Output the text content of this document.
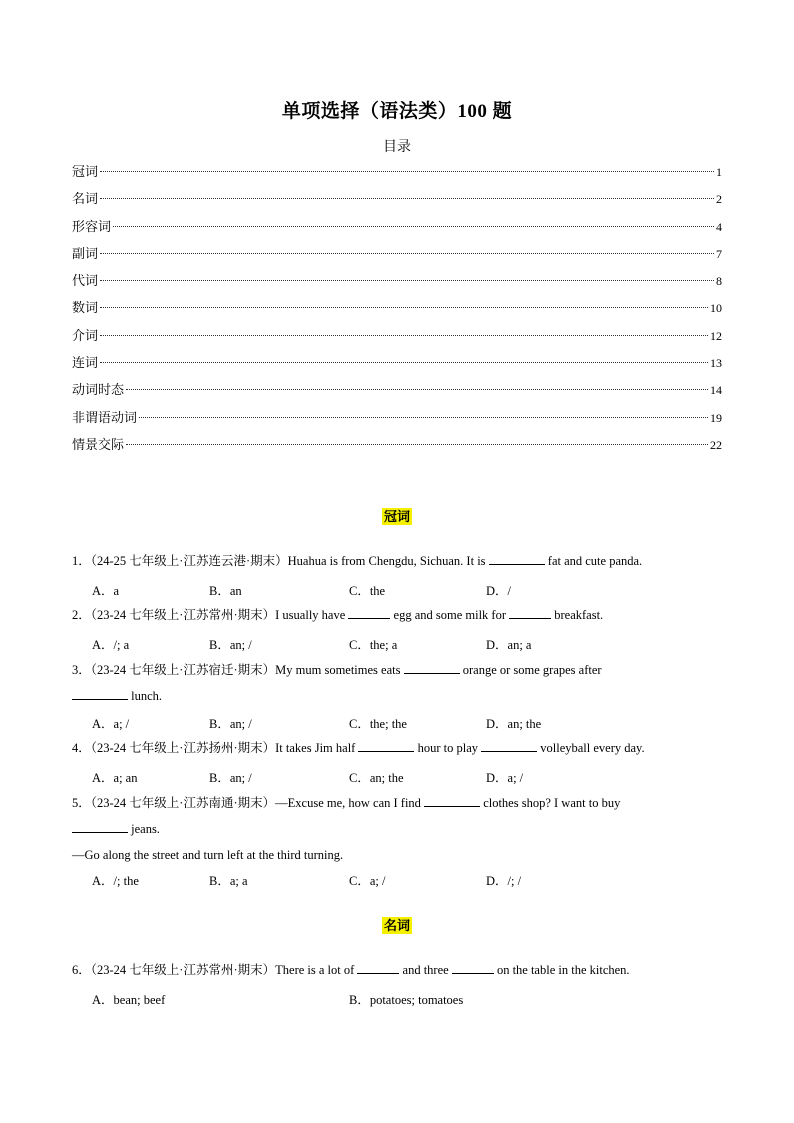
单项选择（语法类）100 题
目录
冠词	1
名词	2
形容词	4
副词	7
代词	8
数词	10
介词	12
连词	13
动词时态	14
非谓语动词	19
情景交际	22
冠词
1．（24-25 七年级上·江苏连云港·期末）Huahua is from Chengdu, Sichuan. It is	fat and cute panda.
A．a	B．an	C．the	D．/
2．（23-24 七年级上·江苏常州·期末）I usually have	egg and some milk for	breakfast.
A．/; a	B．an; /	C．the; a	D．an; a
3．（23-24 七年级上·江苏宿迁·期末）My mum sometimes eats	orange or some grapes after
lunch.
A．a; /	B．an; /	C．the; the	D．an; the
4．（23-24 七年级上·江苏扬州·期末）It takes Jim half	hour to play	volleyball every day.
A．a; an	B．an; /	C．an; the	D．a; /
5．（23-24 七年级上·江苏南通·期末）—Excuse me, how can I find	clothes shop? I want to buy
jeans.
—Go along the street and turn left at the third turning.
A．/; the	B．a; a	C．a; /	D．/; /
名词
6．（23-24 七年级上·江苏常州·期末）There is a lot of	and three	on the table in the kitchen.
A．bean; beef	B．potatoes; tomatoes
